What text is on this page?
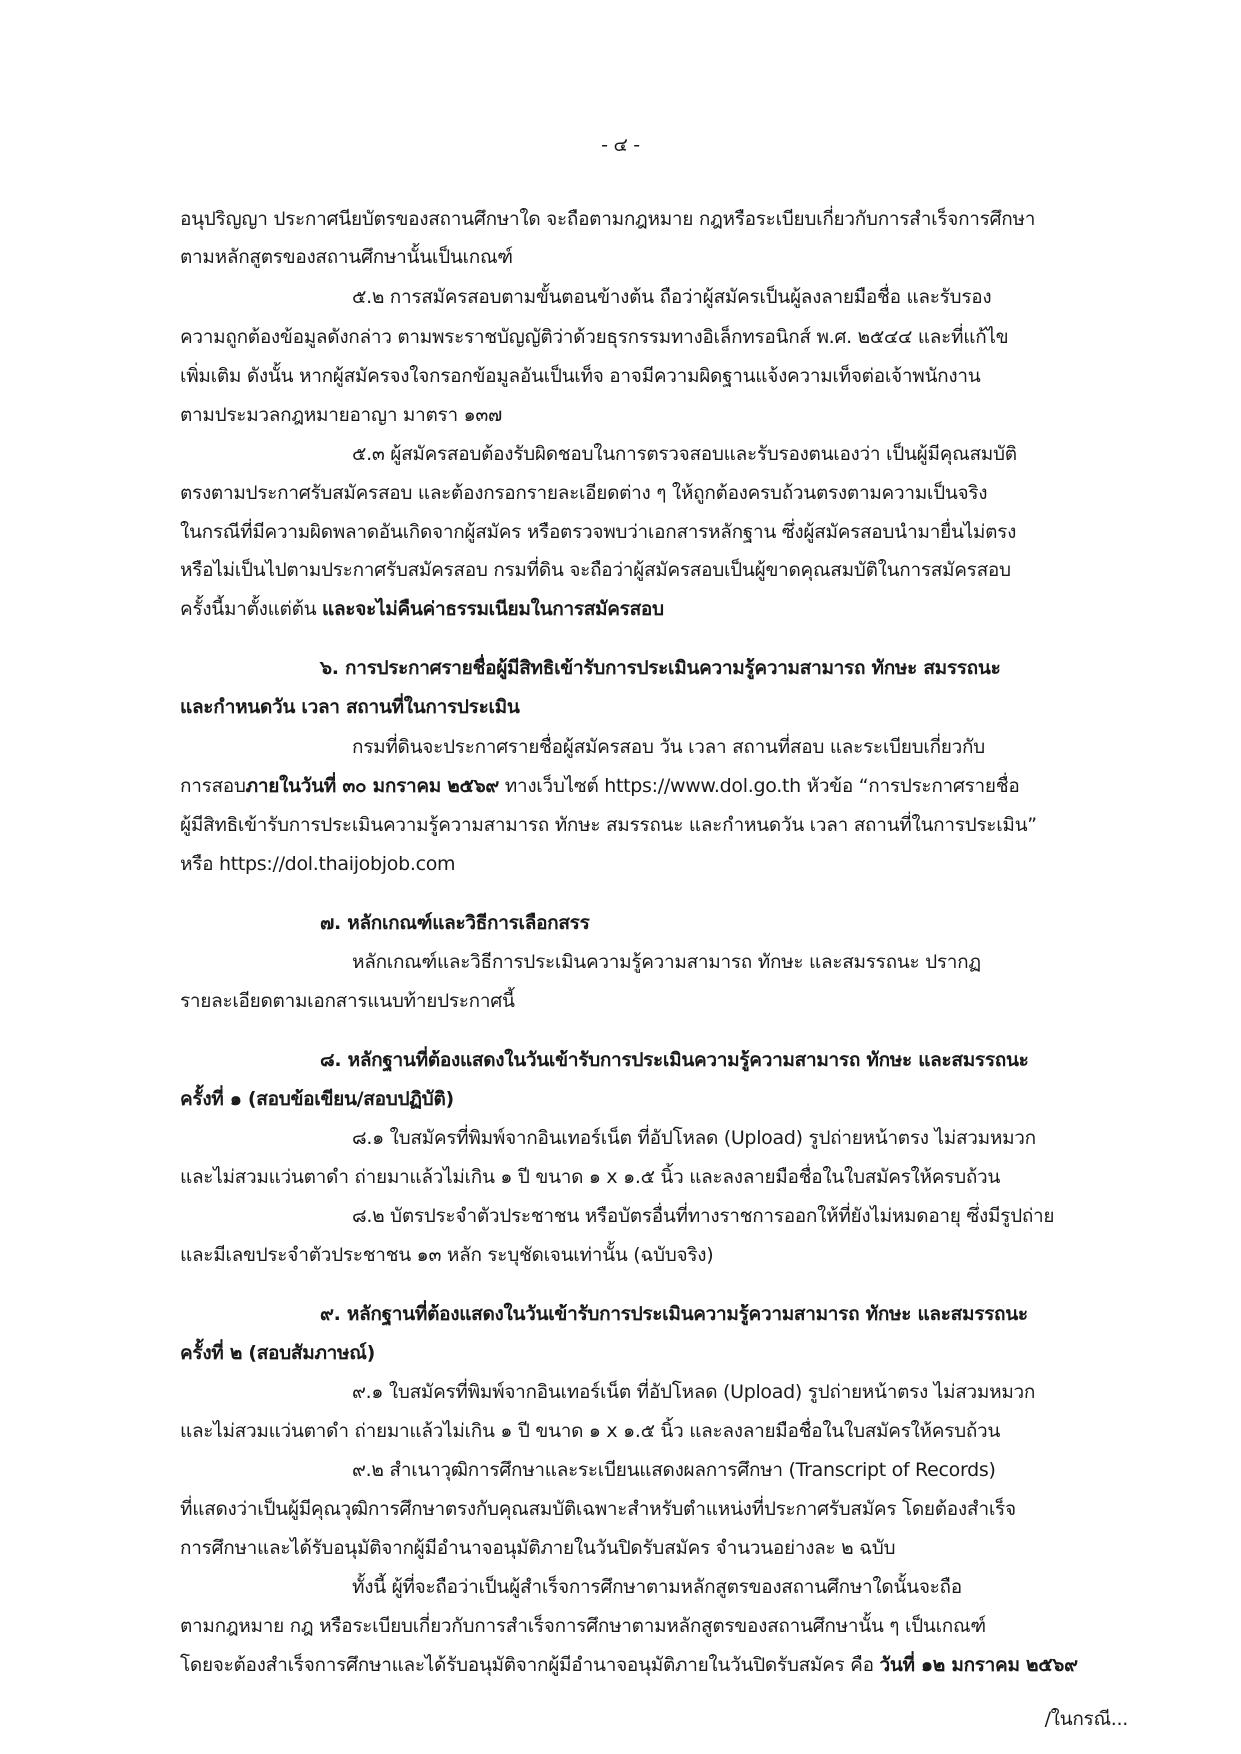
- ๔ -
อนุปริญญา ประกาศนียบัตรของสถานศึกษาใด จะถือตามกฎหมาย กฎหรือระเบียบเกี่ยวกับการสำเร็จการศึกษา
ตามหลักสูตรของสถานศึกษานั้นเป็นเกณฑ์
๕.๒ การสมัครสอบตามขั้นตอนข้างต้น ถือว่าผู้สมัครเป็นผู้ลงลายมือชื่อ และรับรอง
ความถูกต้องข้อมูลดังกล่าว ตามพระราชบัญญัติว่าด้วยธุรกรรมทางอิเล็กทรอนิกส์ พ.ศ. ๒๕๔๔ และที่แก้ไข
เพิ่มเติม ดังนั้น หากผู้สมัครจงใจกรอกข้อมูลอันเป็นเท็จ อาจมีความผิดฐานแจ้งความเท็จต่อเจ้าพนักงาน
ตามประมวลกฎหมายอาญา มาตรา ๑๓๗
๕.๓ ผู้สมัครสอบต้องรับผิดชอบในการตรวจสอบและรับรองตนเองว่า เป็นผู้มีคุณสมบัติ
ตรงตามประกาศรับสมัครสอบ และต้องกรอกรายละเอียดต่าง ๆ ให้ถูกต้องครบถ้วนตรงตามความเป็นจริง
ในกรณีที่มีความผิดพลาดอันเกิดจากผู้สมัคร หรือตรวจพบว่าเอกสารหลักฐาน ซึ่งผู้สมัครสอบนำมายื่นไม่ตรง
หรือไม่เป็นไปตามประกาศรับสมัครสอบ กรมที่ดิน จะถือว่าผู้สมัครสอบเป็นผู้ขาดคุณสมบัติในการสมัครสอบ
ครั้งนี้มาตั้งแต่ต้น และจะไม่คืนค่าธรรมเนียมในการสมัครสอบ
๖. การประกาศรายชื่อผู้มีสิทธิเข้ารับการประเมินความรู้ความสามารถ ทักษะ สมรรถนะ
และกำหนดวัน เวลา สถานที่ในการประเมิน
กรมที่ดินจะประกาศรายชื่อผู้สมัครสอบ วัน เวลา สถานที่สอบ และระเบียบเกี่ยวกับ
การสอบภายในวันที่ ๓๐ มกราคม ๒๕๖๙ ทางเว็บไซต์ https://www.dol.go.th หัวข้อ “การประกาศรายชื่อ
ผู้มีสิทธิเข้ารับการประเมินความรู้ความสามารถ ทักษะ สมรรถนะ และกำหนดวัน เวลา สถานที่ในการประเมิน”
หรือ https://dol.thaijobjob.com
๗. หลักเกณฑ์และวิธีการเลือกสรร
หลักเกณฑ์และวิธีการประเมินความรู้ความสามารถ ทักษะ และสมรรถนะ ปรากฏ
รายละเอียดตามเอกสารแนบท้ายประกาศนี้
๘. หลักฐานที่ต้องแสดงในวันเข้ารับการประเมินความรู้ความสามารถ ทักษะ และสมรรถนะ
ครั้งที่ ๑ (สอบข้อเขียน/สอบปฏิบัติ)
๘.๑ ใบสมัครที่พิมพ์จากอินเทอร์เน็ต ที่อัปโหลด (Upload) รูปถ่ายหน้าตรง ไม่สวมหมวก
และไม่สวมแว่นตาดำ ถ่ายมาแล้วไม่เกิน ๑ ปี ขนาด ๑ x ๑.๕ นิ้ว และลงลายมือชื่อในใบสมัครให้ครบถ้วน
๘.๒ บัตรประจำตัวประชาชน หรือบัตรอื่นที่ทางราชการออกให้ที่ยังไม่หมดอายุ ซึ่งมีรูปถ่าย
และมีเลขประจำตัวประชาชน ๑๓ หลัก ระบุชัดเจนเท่านั้น (ฉบับจริง)
๙. หลักฐานที่ต้องแสดงในวันเข้ารับการประเมินความรู้ความสามารถ ทักษะ และสมรรถนะ
ครั้งที่ ๒ (สอบสัมภาษณ์)
๙.๑ ใบสมัครที่พิมพ์จากอินเทอร์เน็ต ที่อัปโหลด (Upload) รูปถ่ายหน้าตรง ไม่สวมหมวก
และไม่สวมแว่นตาดำ ถ่ายมาแล้วไม่เกิน ๑ ปี ขนาด ๑ x ๑.๕ นิ้ว และลงลายมือชื่อในใบสมัครให้ครบถ้วน
๙.๒ สำเนาวุฒิการศึกษาและระเบียนแสดงผลการศึกษา (Transcript of Records)
ที่แสดงว่าเป็นผู้มีคุณวุฒิการศึกษาตรงกับคุณสมบัติเฉพาะสำหรับตำแหน่งที่ประกาศรับสมัคร โดยต้องสำเร็จ
การศึกษาและได้รับอนุมัติจากผู้มีอำนาจอนุมัติภายในวันปิดรับสมัคร จำนวนอย่างละ ๒ ฉบับ
ทั้งนี้ ผู้ที่จะถือว่าเป็นผู้สำเร็จการศึกษาตามหลักสูตรของสถานศึกษาใดนั้นจะถือ
ตามกฎหมาย กฎ หรือระเบียบเกี่ยวกับการสำเร็จการศึกษาตามหลักสูตรของสถานศึกษานั้น ๆ เป็นเกณฑ์
โดยจะต้องสำเร็จการศึกษาและได้รับอนุมัติจากผู้มีอำนาจอนุมัติภายในวันปิดรับสมัคร คือ วันที่ ๑๒ มกราคม ๒๕๖๙
/ในกรณี...
